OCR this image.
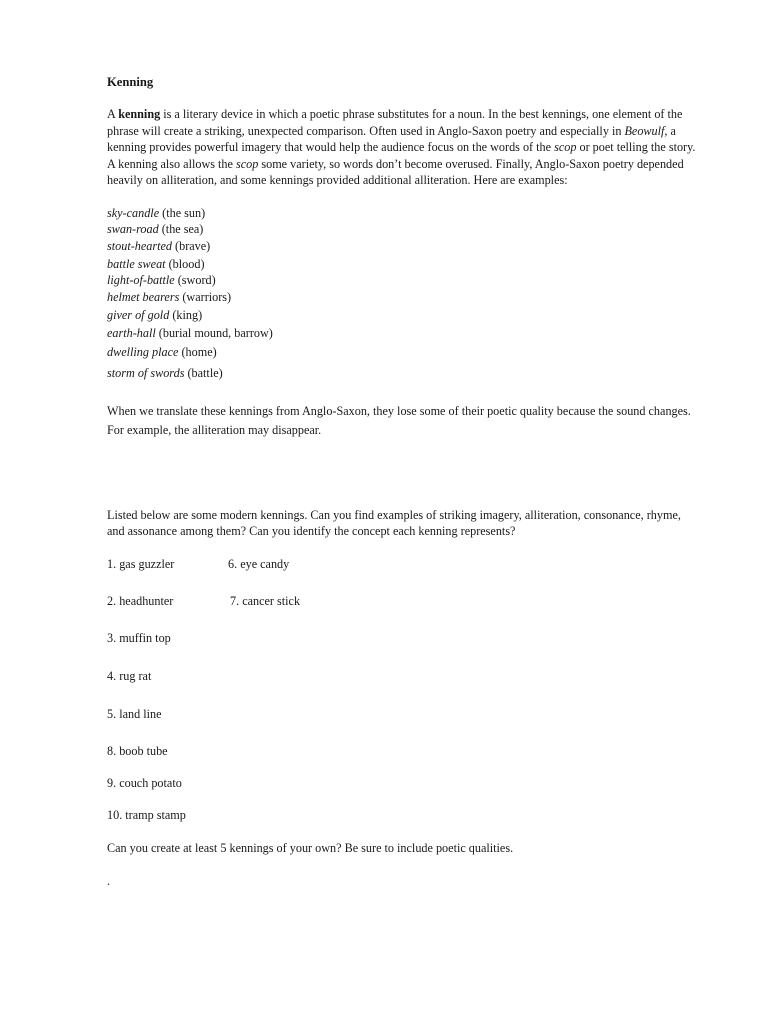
Kenning
A kenning is a literary device in which a poetic phrase substitutes for a noun. In the best kennings, one element of the
phrase will create a striking, unexpected comparison. Often used in Anglo-Saxon poetry and especially in Beowulf, a
kenning provides powerful imagery that would help the audience focus on the words of the scop or poet telling the story.
A kenning also allows the scop some variety, so words don’t become overused. Finally, Anglo-Saxon poetry depended
heavily on alliteration, and some kennings provided additional alliteration. Here are examples:
sky-candle (the sun)
swan-road (the sea)
stout-hearted (brave)
battle sweat (blood)
light-of-battle (sword)
helmet bearers (warriors)
giver of gold (king)
earth-hall (burial mound, barrow)
dwelling place (home)
storm of swords (battle)
When we translate these kennings from Anglo-Saxon, they lose some of their poetic quality because the sound changes.
For example, the alliteration may disappear.
Listed below are some modern kennings. Can you find examples of striking imagery, alliteration, consonance, rhyme,
and assonance among them? Can you identify the concept each kenning represents?
1. gas guzzler	6. eye candy
2. headhunter	7. cancer stick
3. muffin top
4. rug rat
5. land line
8. boob tube
9. couch potato
10. tramp stamp
Can you create at least 5 kennings of your own? Be sure to include poetic qualities.
.
